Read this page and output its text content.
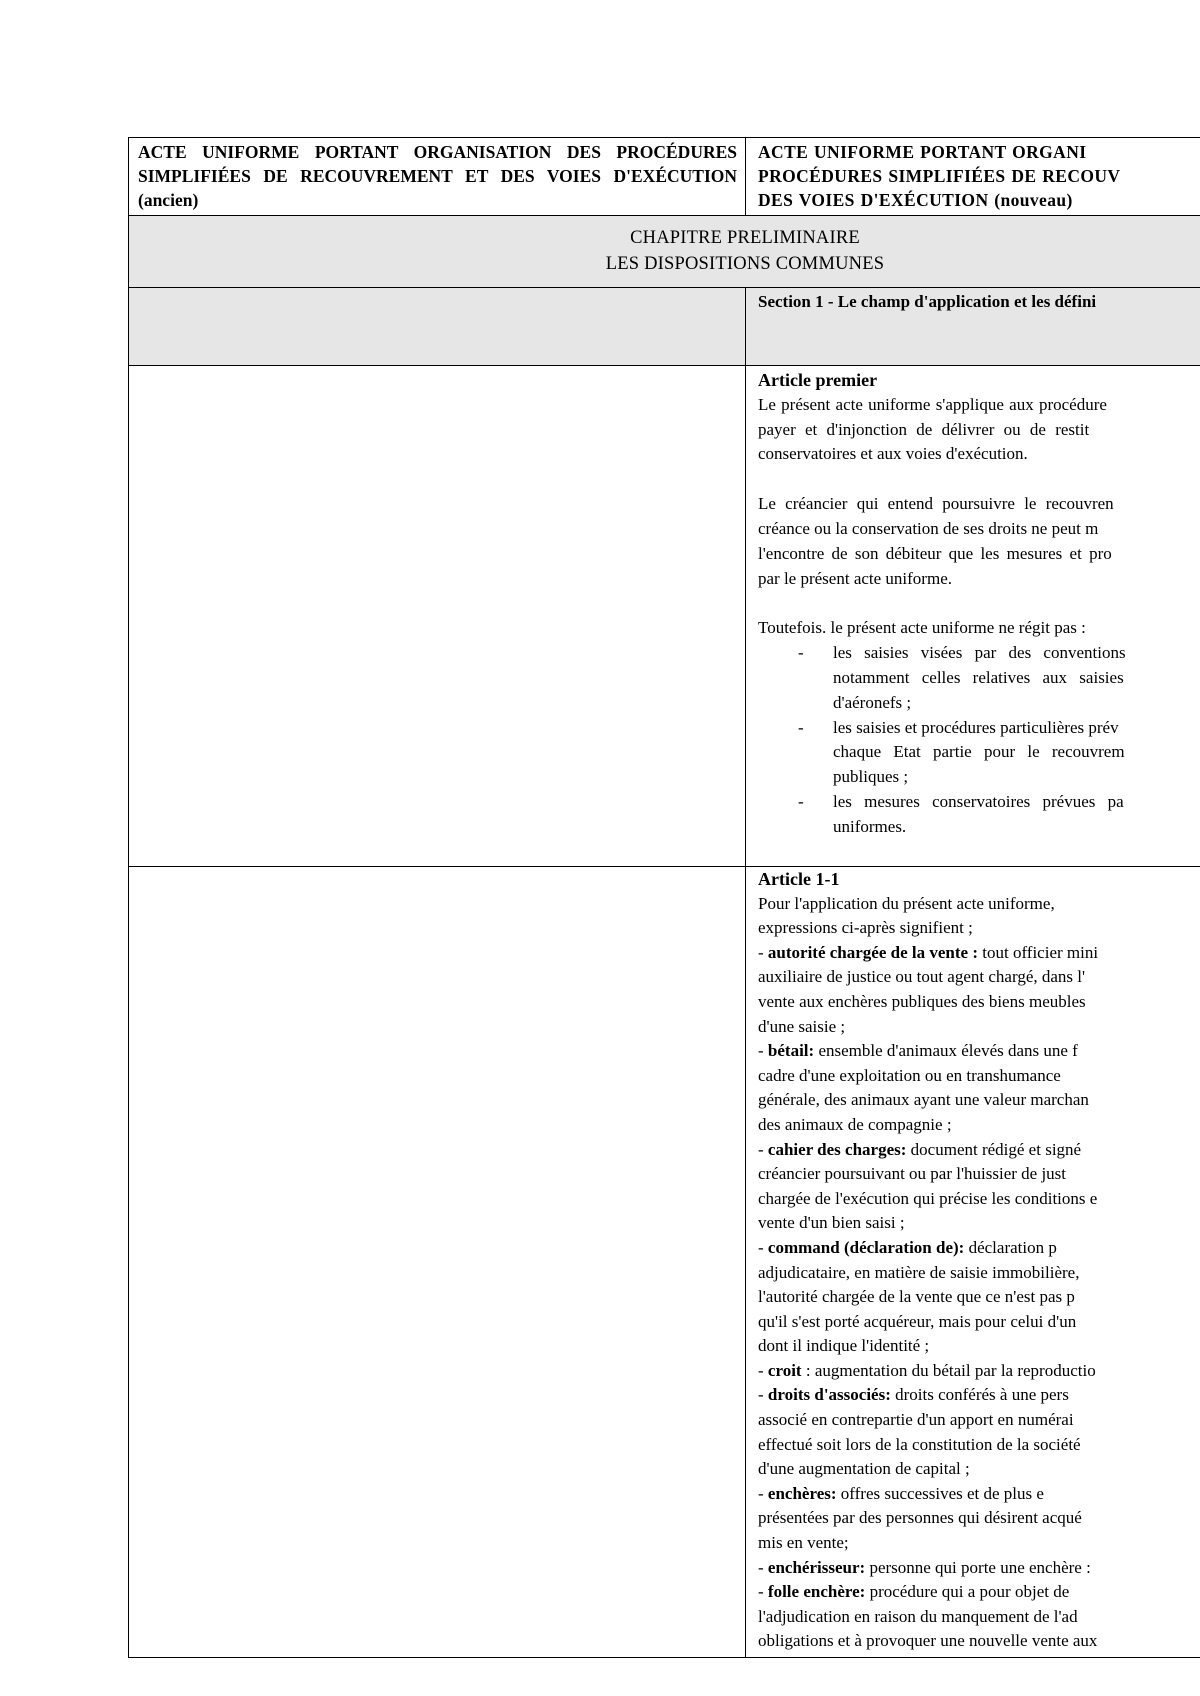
ACTE UNIFORME PORTANT ORGANISATION DES PROCÉDURES SIMPLIFIÉES DE RECOUVREMENT ET DES VOIES D'EXÉCUTION (ancien)
ACTE UNIFORME PORTANT ORGANI
PROCÉDURES SIMPLIFIÉES DE RECOUV
DES VOIES D'EXÉCUTION (nouveau)
CHAPITRE PRELIMINAIRE
LES DISPOSITIONS COMMUNES
Section 1 - Le champ d'application et les défini
Article premier
Le présent acte uniforme s'applique aux procédure
payer et d'injonction de délivrer ou de restit
conservatoires et aux voies d'exécution.
Le créancier qui entend poursuivre le recouvren
créance ou la conservation de ses droits ne peut m
l'encontre de son débiteur que les mesures et pro
par le présent acte uniforme.
Toutefois. le présent acte uniforme ne régit pas :
- les saisies visées par des conventions
notamment celles relatives aux saisies
d'aéronefs ;
- les saisies et procédures particulières prév
chaque Etat partie pour le recouvrem
publiques ;
- les mesures conservatoires prévues pa
uniformes.
Article 1-1
Pour l'application du présent acte uniforme,
expressions ci-après signifient ;
- autorité chargée de la vente : tout officier mini
auxiliaire de justice ou tout agent chargé, dans l'
vente aux enchères publiques des biens meubles
d'une saisie ;
- bétail: ensemble d'animaux élevés dans une f
cadre d'une exploitation ou en transhumance
générale, des animaux ayant une valeur marchan
des animaux de compagnie ;
- cahier des charges: document rédigé et signé
créancier poursuivant ou par l'huissier de just
chargée de l'exécution qui précise les conditions e
vente d'un bien saisi ;
- command (déclaration de): déclaration p
adjudicataire, en matière de saisie immobilière,
l'autorité chargée de la vente que ce n'est pas p
qu'il s'est porté acquéreur, mais pour celui d'un
dont il indique l'identité ;
- croit : augmentation du bétail par la reproductio
- droits d'associés: droits conférés à une pers
associé en contrepartie d'un apport en numérai
effectué soit lors de la constitution de la société
d'une augmentation de capital ;
- enchères: offres successives et de plus e
présentées par des personnes qui désirent acqué
mis en vente;
- enchérisseur: personne qui porte une enchère :
- folle enchère: procédure qui a pour objet de
l'adjudication en raison du manquement de l'ad
obligations et à provoquer une nouvelle vente aux
